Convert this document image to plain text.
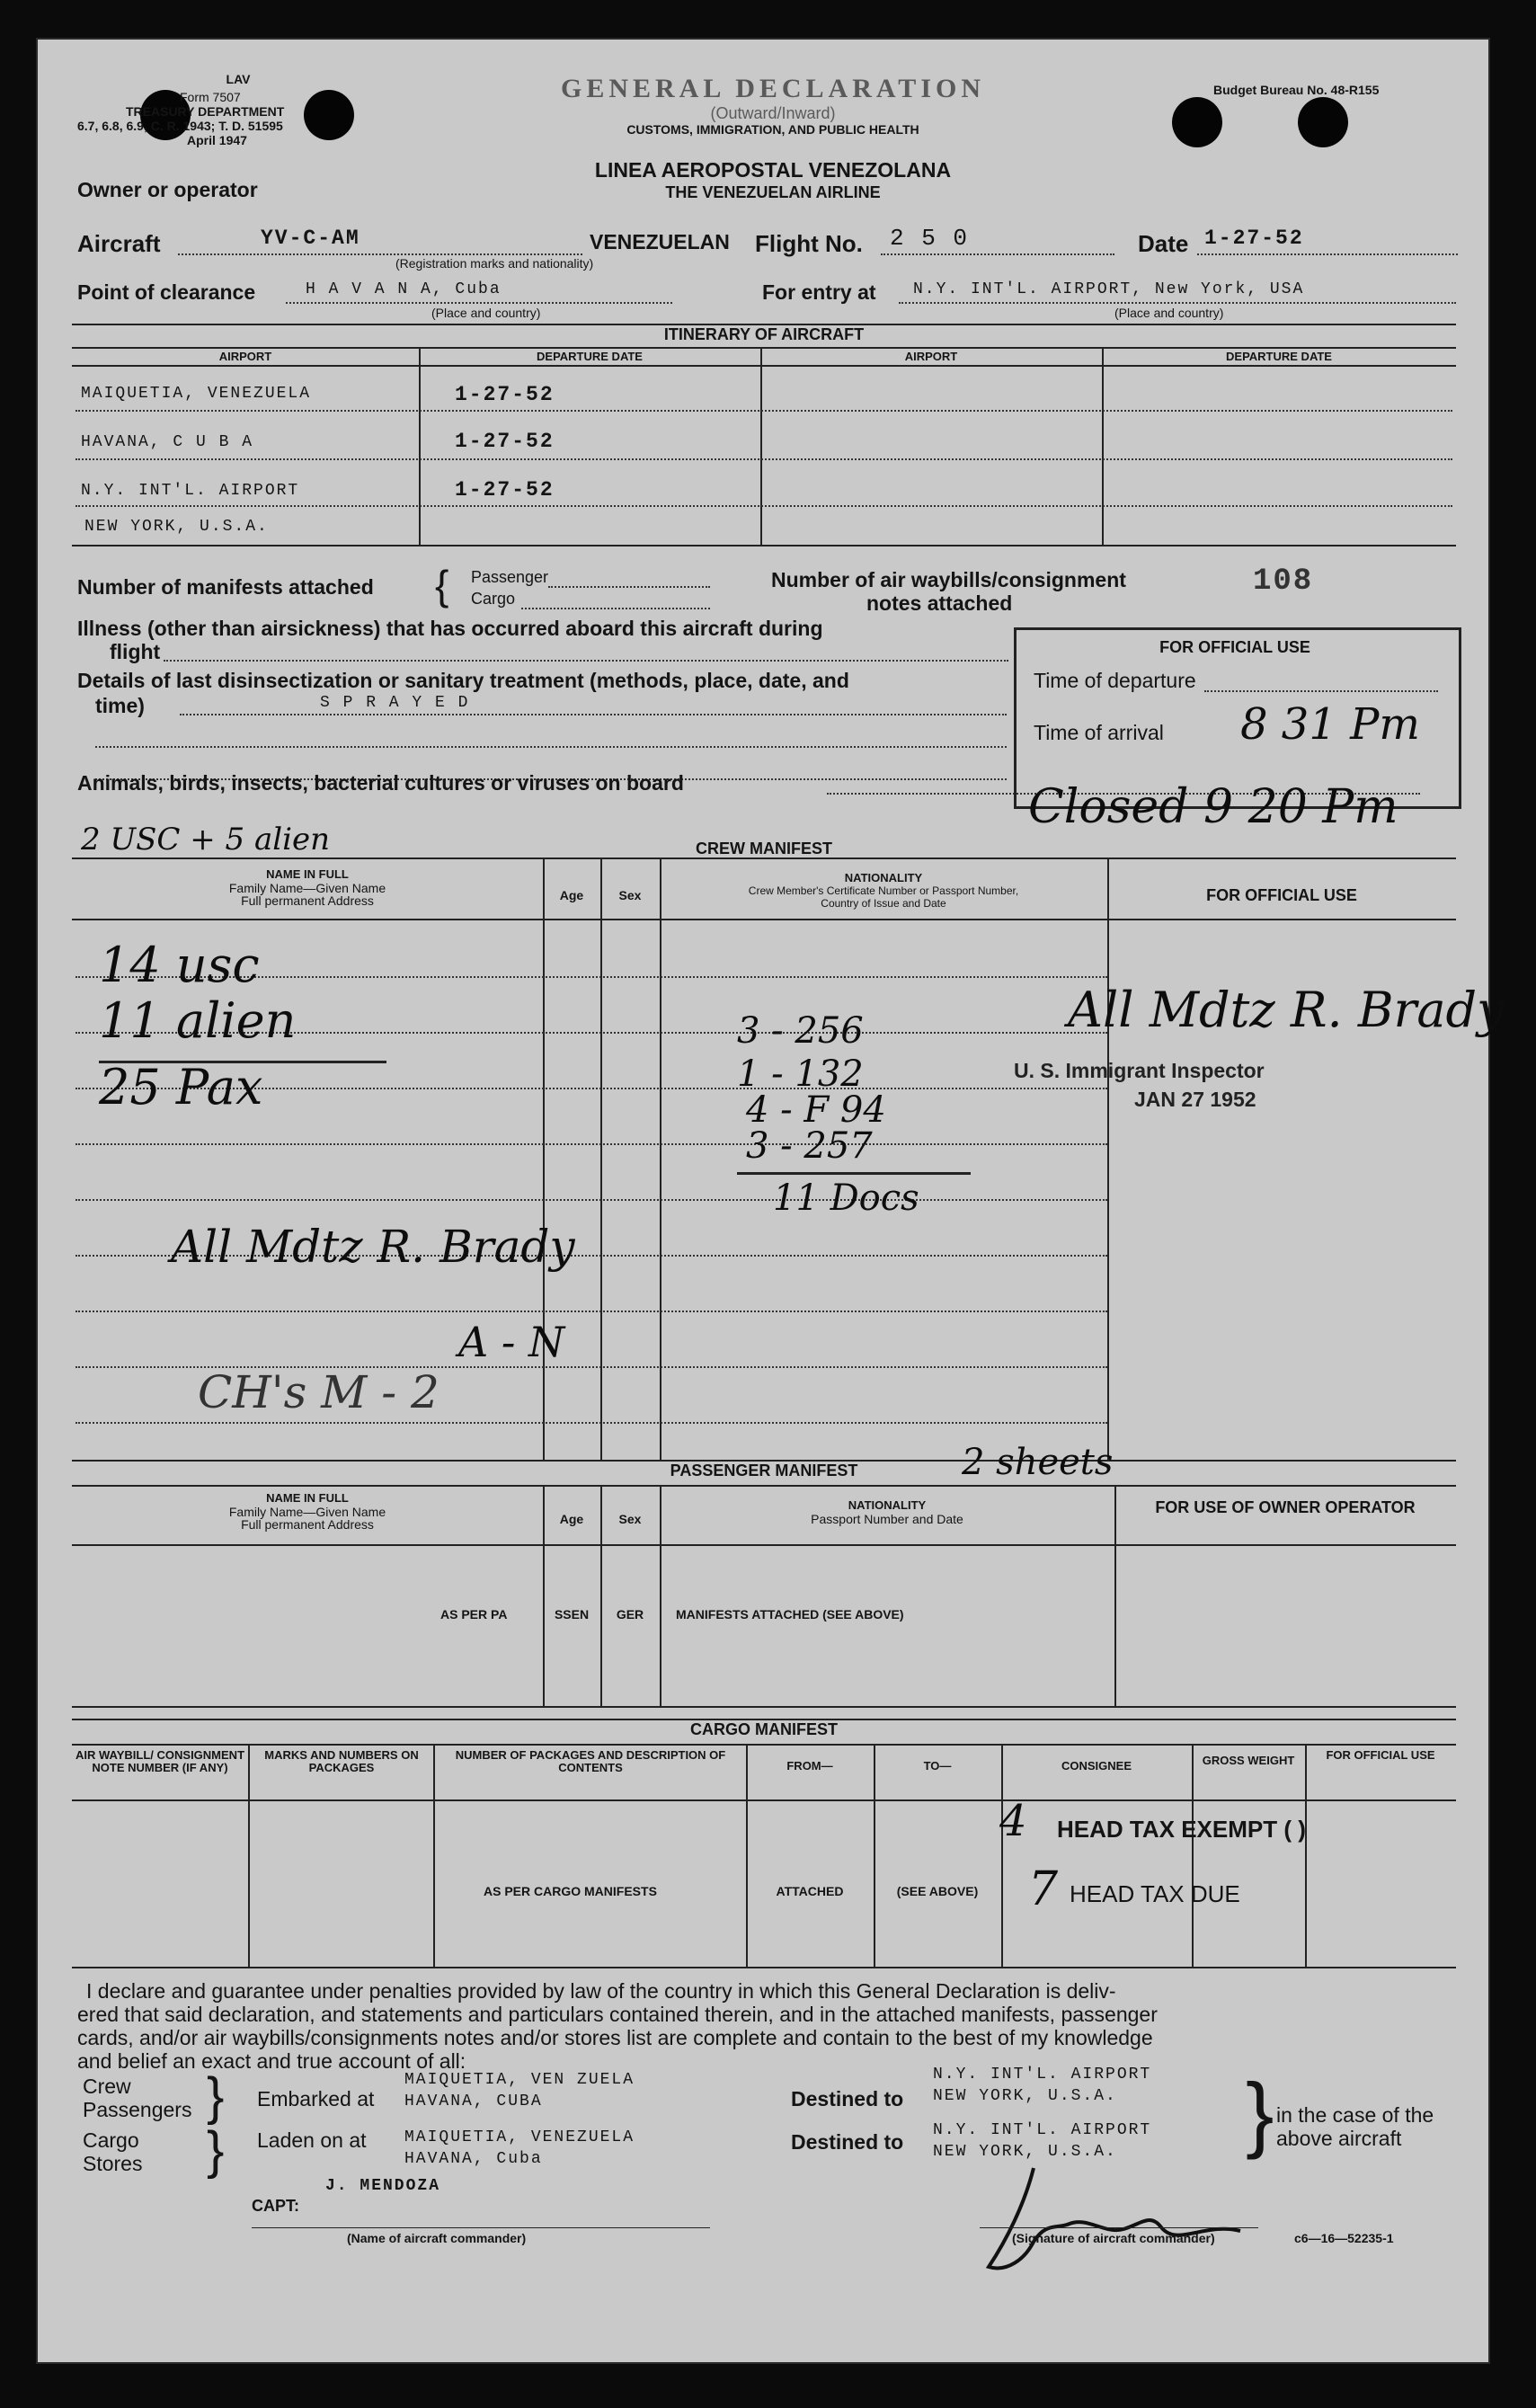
LAV
Form 7507
TREASURY DEPARTMENT
6.7, 6.8, 6.9, C. R. 1943; T. D. 51595
April 1947
GENERAL DECLARATION
(Outward/Inward)
CUSTOMS, IMMIGRATION, AND PUBLIC HEALTH
Budget Bureau No. 48-R155
LINEA AEROPOSTAL VENEZOLANA
THE VENEZUELAN AIRLINE
Owner or operator
Aircraft	YV-C-AM
(Registration marks and nationality)
VENEZUELAN Flight No. 2 5 0	Date 1-27-52
Point of clearance	H A V A N A, Cuba
(Place and country)
For entry at N.Y. INT'L. AIRPORT, New York, USA
(Place and country)
ITINERARY OF AIRCRAFT
AIRPORT	DEPARTURE DATE	AIRPORT	DEPARTURE DATE
MAIQUETIA, VENEZUELA	1-27-52
HAVANA, C U B A	1-27-52
N.Y. INT'L. AIRPORT	1-27-52
NEW YORK, U.S.A.
Number of manifests attached { Passenger
Cargo
Number of air waybills/consignment
notes attached
108
Illness (other than airsickness) that has occurred aboard this aircraft during
flight
Details of last disinsectization or sanitary treatment (methods, place, date, and
time)	S P R A Y E D
Animals, birds, insects, bacterial cultures or viruses on board
FOR OFFICIAL USE
Time of departure
Time of arrival 8 31 Pm
Closed 9 20 Pm
2 USC + 5 alien	CREW MANIFEST
NAME IN FULL
Family Name—Given Name
Full permanent Address	Age	Sex
NATIONALITY
Crew Member's Certificate Number or Passport Number,
Country of Issue and Date	FOR OFFICIAL USE
14 usc
11 alien
25 Pax
3 - 256
1 - 132
4 - F 94
3 - 257
11 Docs
All Mdtz R. Brady
A - N
CH's M - 2
All Mdtz R. Brady
U. S. Immigrant Inspector
JAN 27 1952
PASSENGER MANIFEST	2 sheets
NAME IN FULL
Family Name—Given Name
Full permanent Address	Age	Sex
NATIONALITY
Passport Number and Date
FOR USE OF OWNER OPERATOR
AS PER PA	SSEN	GER	MANIFESTS ATTACHED (SEE ABOVE)
CARGO MANIFEST
AIR WAYBILL/ CONSIGNMENT NOTE NUMBER (IF ANY)
MARKS AND NUMBERS ON PACKAGES
NUMBER OF PACKAGES AND DESCRIPTION OF CONTENTS	FROM—	TO—	CONSIGNEE	GROSS WEIGHT	FOR OFFICIAL USE
AS PER CARGO MANIFESTS	ATTACHED	(SEE ABOVE)
4 HEAD TAX EXEMPT ( )
7 HEAD TAX DUE
I declare and guarantee under penalties provided by law of the country in which this General Declaration is deliv-
ered that said declaration, and statements and particulars contained therein, and in the attached manifests, passenger
cards, and/or air waybills/consignments notes and/or stores list are complete and contain to the best of my knowledge
and belief an exact and true account of all:
Crew
Passengers
Cargo
Stores
}
}
Embarked at
MAIQUETIA, VEN ZUELA
HAVANA, CUBA
Laden on at MAIQUETIA, VENEZUELA
HAVANA, Cuba
Destined to
N.Y. INT'L. AIRPORT
NEW YORK, U.S.A.
Destined to N.Y. INT'L. AIRPORT
NEW YORK, U.S.A. } in the case of the
above aircraft
CAPT:
J. MENDOZA
(Name of aircraft commander)	(Signature of aircraft commander)	c6—16—52235-1
